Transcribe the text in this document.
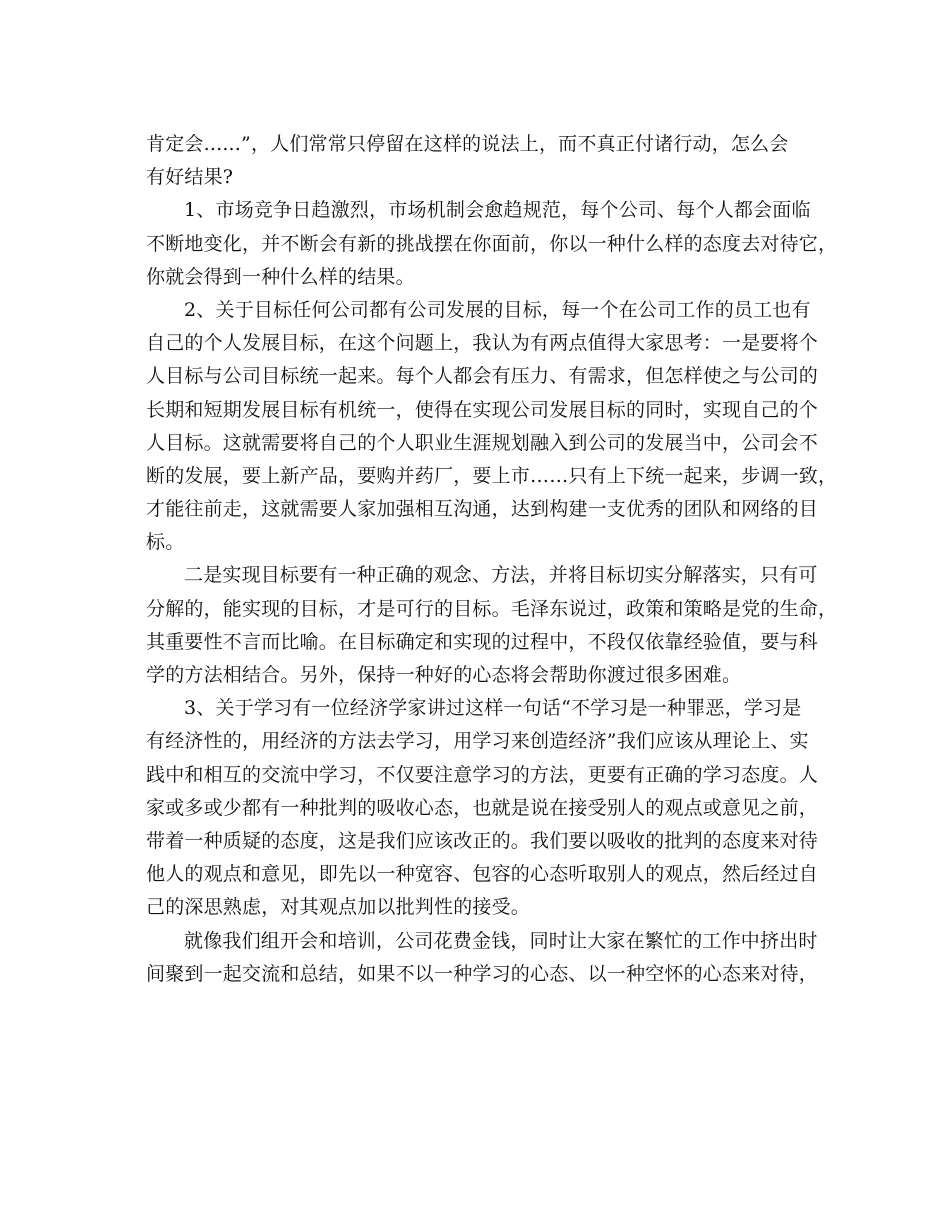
肯定会......”，人们常常只停留在这样的说法上，而不真正付诸行动，怎么会
有好结果?
1、市场竞争日趋激烈，市场机制会愈趋规范，每个公司、每个人都会面临
不断地变化，并不断会有新的挑战摆在你面前，你以一种什么样的态度去对待它，
你就会得到一种什么样的结果。
2、关于目标任何公司都有公司发展的目标，每一个在公司工作的员工也有
自己的个人发展目标，在这个问题上，我认为有两点值得大家思考：一是要将个
人目标与公司目标统一起来。每个人都会有压力、有需求，但怎样使之与公司的
长期和短期发展目标有机统一，使得在实现公司发展目标的同时，实现自己的个
人目标。这就需要将自己的个人职业生涯规划融入到公司的发展当中，公司会不
断的发展，要上新产品，要购并药厂，要上市……只有上下统一起来，步调一致，
才能往前走，这就需要人家加强相互沟通，达到构建一支优秀的团队和网络的目
标。
二是实现目标要有一种正确的观念、方法，并将目标切实分解落实，只有可
分解的，能实现的目标，才是可行的目标。毛泽东说过，政策和策略是党的生命，
其重要性不言而比喻。在目标确定和实现的过程中，不段仅依靠经验值，要与科
学的方法相结合。另外，保持一种好的心态将会帮助你渡过很多困难。
3、关于学习有一位经济学家讲过这样一句话“不学习是一种罪恶，学习是
有经济性的，用经济的方法去学习，用学习来创造经济”我们应该从理论上、实
践中和相互的交流中学习，不仅要注意学习的方法，更要有正确的学习态度。人
家或多或少都有一种批判的吸收心态，也就是说在接受别人的观点或意见之前，
带着一种质疑的态度，这是我们应该改正的。我们要以吸收的批判的态度来对待
他人的观点和意见，即先以一种宽容、包容的心态听取别人的观点，然后经过自
己的深思熟虑，对其观点加以批判性的接受。
就像我们组开会和培训，公司花费金钱，同时让大家在繁忙的工作中挤出时
间聚到一起交流和总结，如果不以一种学习的心态、以一种空怀的心态来对待，
